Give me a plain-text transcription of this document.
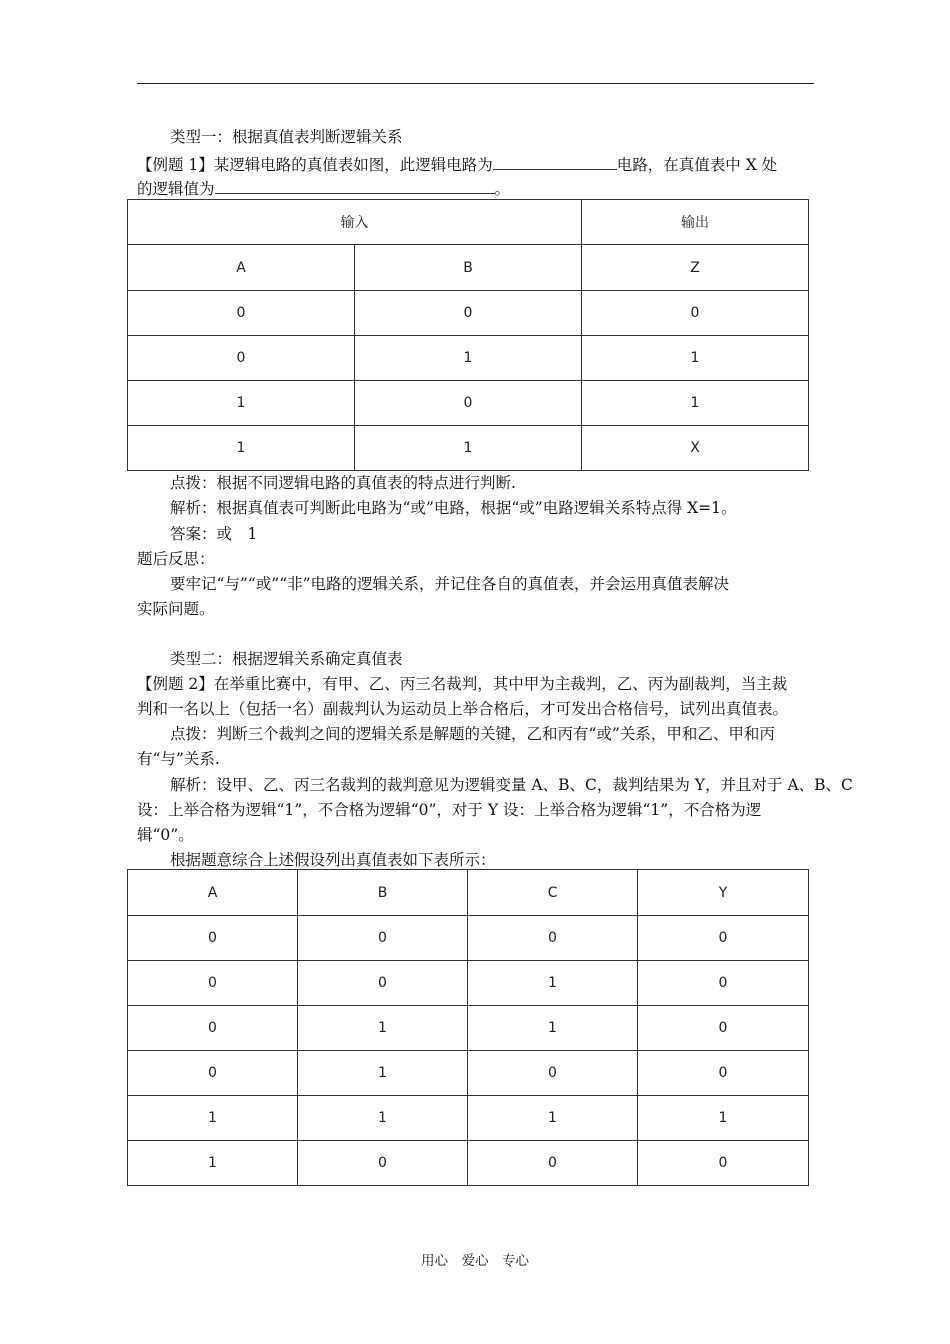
类型一：根据真值表判断逻辑关系
【例题 1】某逻辑电路的真值表如图，此逻辑电路为	电路，在真值表中 X 处
的逻辑值为	。
输入		输出
A	B	Z
0	0	0
0	1	1
1	0	1
1	1	X
点拨：根据不同逻辑电路的真值表的特点进行判断.
解析：根据真值表可判断此电路为“或”电路，根据“或”电路逻辑关系特点得 X=1。
答案：或　1
题后反思：
要牢记“与”“或”“非”电路的逻辑关系，并记住各自的真值表，并会运用真值表解决
实际问题。
类型二：根据逻辑关系确定真值表
【例题 2】在举重比赛中，有甲、乙、丙三名裁判，其中甲为主裁判，乙、丙为副裁判，当主裁
判和一名以上（包括一名）副裁判认为运动员上举合格后，才可发出合格信号，试列出真值表。
点拨：判断三个裁判之间的逻辑关系是解题的关键，乙和丙有“或”关系，甲和乙、甲和丙
有“与”关系.
解析：设甲、乙、丙三名裁判的裁判意见为逻辑变量 A、B、C，裁判结果为 Y，并且对于 A、B、C
设：上举合格为逻辑“1”，不合格为逻辑“0”，对于 Y 设：上举合格为逻辑“1”，不合格为逻
辑“0”。
根据题意综合上述假设列出真值表如下表所示：
A	B	C	Y
0	0	0	0
0	0	1	0
0	1	1	0
0	1	0	0
1	1	1	1
1	0	0	0
用心　爱心　专心
